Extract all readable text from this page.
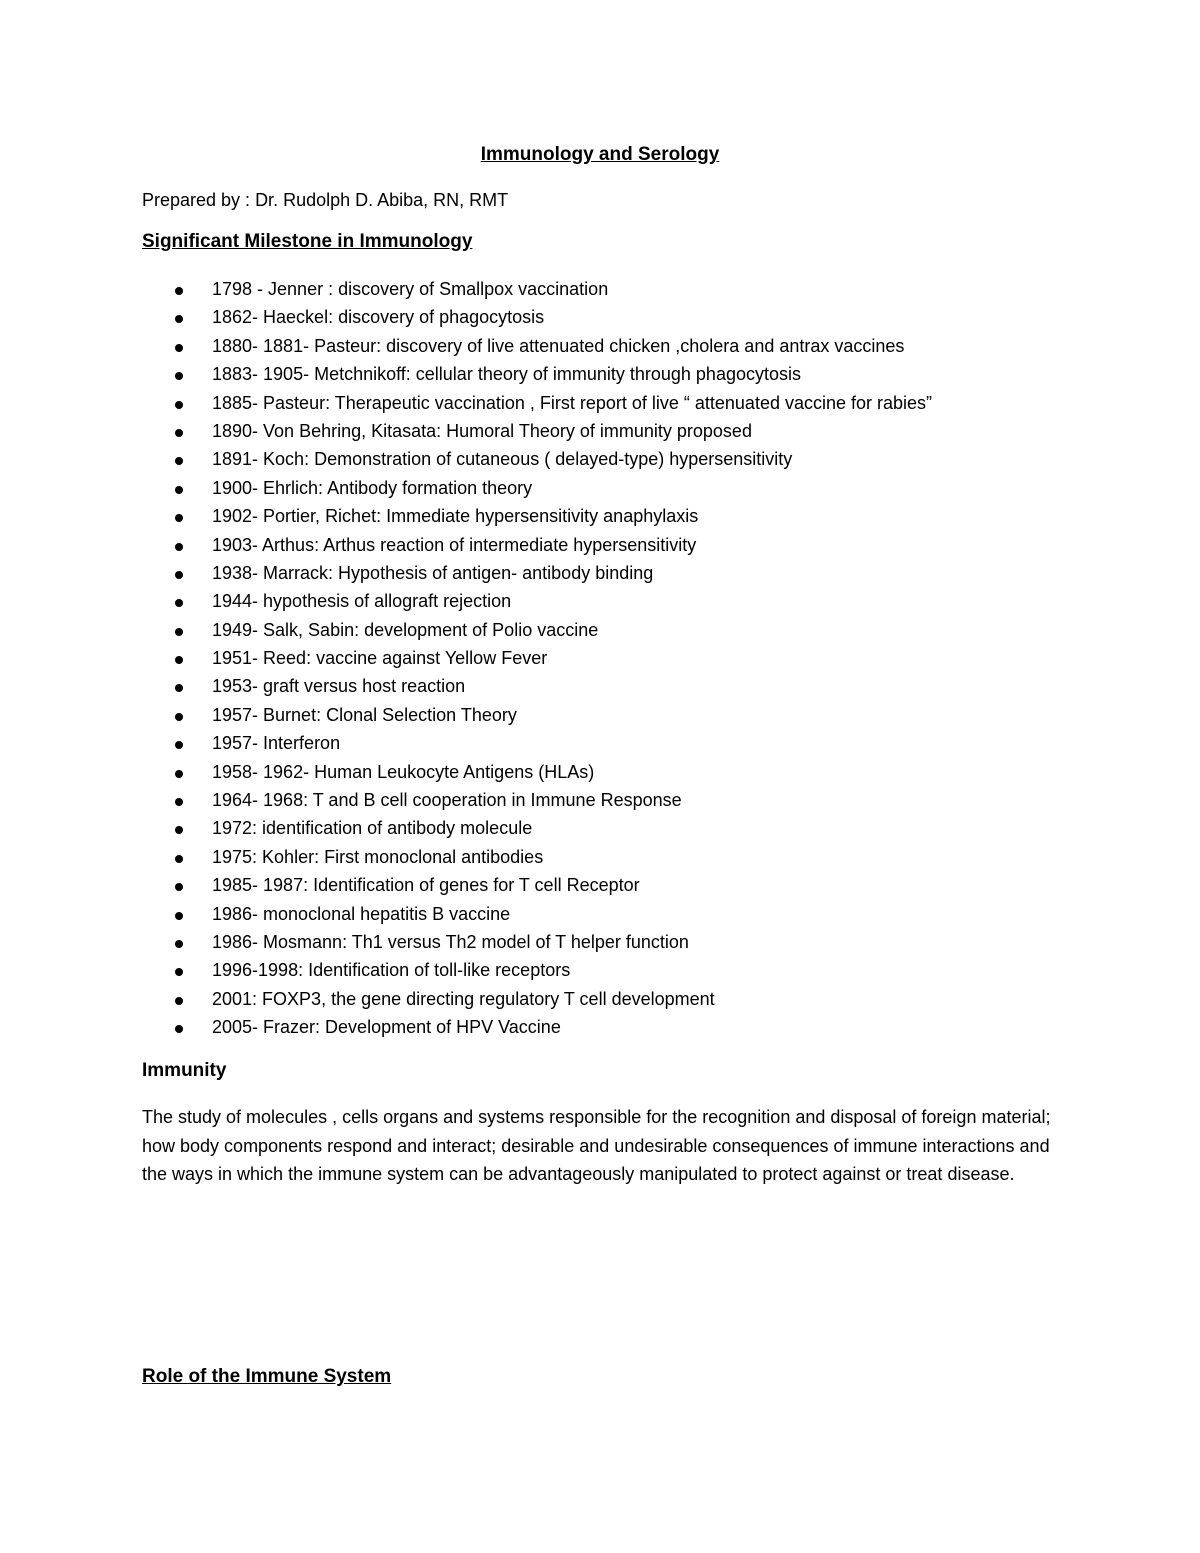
Immunology and Serology
Prepared by : Dr. Rudolph D. Abiba, RN, RMT
Significant Milestone in Immunology
1798 - Jenner : discovery of Smallpox vaccination
1862- Haeckel: discovery of phagocytosis
1880- 1881- Pasteur: discovery of live attenuated chicken ,cholera and antrax vaccines
1883- 1905- Metchnikoff: cellular theory of immunity through phagocytosis
1885- Pasteur: Therapeutic vaccination , First report of live “ attenuated vaccine for rabies”
1890- Von Behring, Kitasata: Humoral Theory of immunity proposed
1891- Koch: Demonstration of cutaneous ( delayed-type) hypersensitivity
1900- Ehrlich: Antibody formation theory
1902- Portier, Richet: Immediate hypersensitivity anaphylaxis
1903- Arthus: Arthus reaction of intermediate hypersensitivity
1938- Marrack: Hypothesis of antigen- antibody binding
1944- hypothesis of allograft rejection
1949- Salk, Sabin: development of Polio vaccine
1951- Reed: vaccine against Yellow Fever
1953- graft versus host reaction
1957- Burnet: Clonal Selection Theory
1957- Interferon
1958- 1962- Human Leukocyte Antigens (HLAs)
1964- 1968: T and B cell cooperation in Immune Response
1972: identification of antibody molecule
1975: Kohler: First monoclonal antibodies
1985- 1987: Identification of genes for T cell Receptor
1986- monoclonal hepatitis B vaccine
1986- Mosmann: Th1 versus Th2 model of T helper function
1996-1998: Identification of toll-like receptors
2001: FOXP3, the gene directing regulatory T cell development
2005- Frazer: Development of HPV Vaccine
Immunity

The study of molecules , cells organs and systems responsible for the recognition and disposal of foreign material; how body components respond and interact; desirable and undesirable consequences of immune interactions and the ways in which the immune system can be advantageously manipulated to protect against or treat disease.

Role of the Immune System
